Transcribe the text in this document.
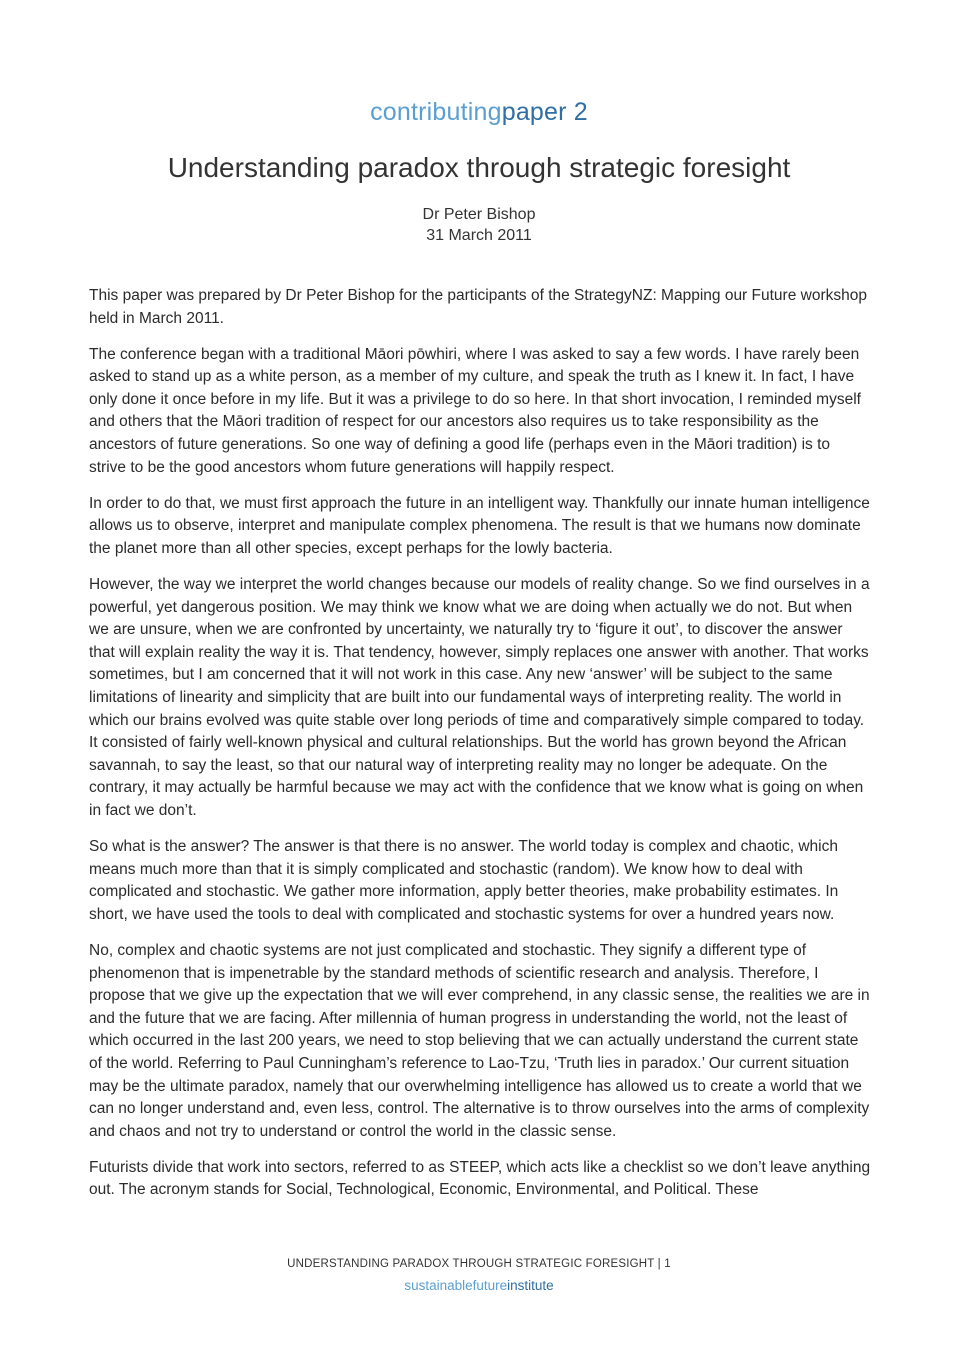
contributingpaper 2
Understanding paradox through strategic foresight
Dr Peter Bishop
31 March 2011

This paper was prepared by Dr Peter Bishop for the participants of the StrategyNZ: Mapping our Future workshop held in March 2011.

The conference began with a traditional Māori pōwhiri, where I was asked to say a few words. I have rarely been asked to stand up as a white person, as a member of my culture, and speak the truth as I knew it. In fact, I have only done it once before in my life. But it was a privilege to do so here. In that short invocation, I reminded myself and others that the Māori tradition of respect for our ancestors also requires us to take responsibility as the ancestors of future generations. So one way of defining a good life (perhaps even in the Māori tradition) is to strive to be the good ancestors whom future generations will happily respect.

In order to do that, we must first approach the future in an intelligent way. Thankfully our innate human intelligence allows us to observe, interpret and manipulate complex phenomena. The result is that we humans now dominate the planet more than all other species, except perhaps for the lowly bacteria.

However, the way we interpret the world changes because our models of reality change. So we find ourselves in a powerful, yet dangerous position. We may think we know what we are doing when actually we do not. But when we are unsure, when we are confronted by uncertainty, we naturally try to ‘figure it out’, to discover the answer that will explain reality the way it is. That tendency, however, simply replaces one answer with another. That works sometimes, but I am concerned that it will not work in this case. Any new ‘answer’ will be subject to the same limitations of linearity and simplicity that are built into our fundamental ways of interpreting reality. The world in which our brains evolved was quite stable over long periods of time and comparatively simple compared to today. It consisted of fairly well-known physical and cultural relationships. But the world has grown beyond the African savannah, to say the least, so that our natural way of interpreting reality may no longer be adequate. On the contrary, it may actually be harmful because we may act with the confidence that we know what is going on when in fact we don’t.

So what is the answer? The answer is that there is no answer. The world today is complex and chaotic, which means much more than that it is simply complicated and stochastic (random). We know how to deal with complicated and stochastic. We gather more information, apply better theories, make probability estimates. In short, we have used the tools to deal with complicated and stochastic systems for over a hundred years now.

No, complex and chaotic systems are not just complicated and stochastic. They signify a different type of phenomenon that is impenetrable by the standard methods of scientific research and analysis. Therefore, I propose that we give up the expectation that we will ever comprehend, in any classic sense, the realities we are in and the future that we are facing. After millennia of human progress in understanding the world, not the least of which occurred in the last 200 years, we need to stop believing that we can actually understand the current state of the world. Referring to Paul Cunningham’s reference to Lao-Tzu, ‘Truth lies in paradox.’ Our current situation may be the ultimate paradox, namely that our overwhelming intelligence has allowed us to create a world that we can no longer understand and, even less, control. The alternative is to throw ourselves into the arms of complexity and chaos and not try to understand or control the world in the classic sense.

Futurists divide that work into sectors, referred to as STEEP, which acts like a checklist so we don’t leave anything out. The acronym stands for Social, Technological, Economic, Environmental, and Political. These

UNDERSTANDING PARADOX THROUGH STRATEGIC FORESIGHT | 1
sustainablefutureinstitute
